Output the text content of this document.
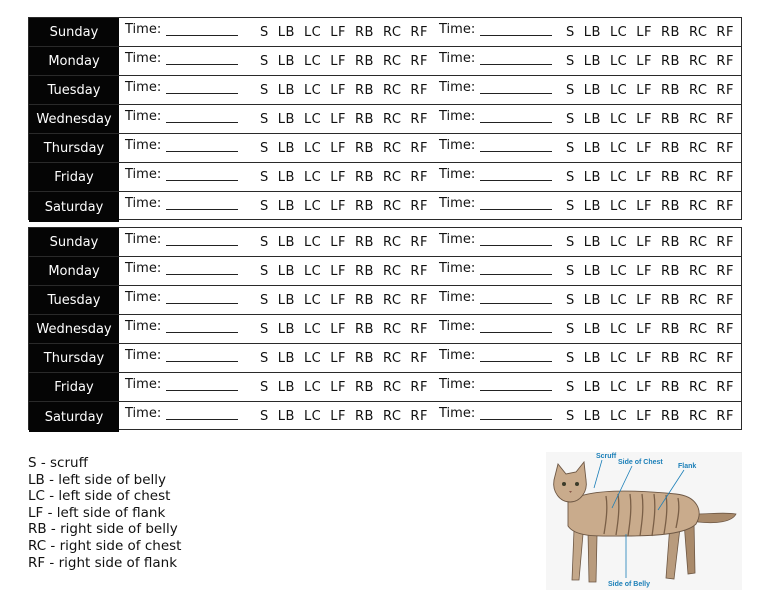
Sunday	Time:	S LB LC LF RB RC RF Time:	S LB LC LF RB RC RF
Monday	Time:	S LB LC LF RB RC RF Time:	S LB LC LF RB RC RF
Tuesday	Time:	S LB LC LF RB RC RF Time:	S LB LC LF RB RC RF
Wednesday	Time:	S LB LC LF RB RC RF Time:	S LB LC LF RB RC RF
Thursday	Time:	S LB LC LF RB RC RF Time:	S LB LC LF RB RC RF
Friday	Time:	S LB LC LF RB RC RF Time:	S LB LC LF RB RC RF
Saturday	Time:	S LB LC LF RB RC RF Time:	S LB LC LF RB RC RF
Sunday	Time:	S LB LC LF RB RC RF Time:	S LB LC LF RB RC RF
Monday	Time:	S LB LC LF RB RC RF Time:	S LB LC LF RB RC RF
Tuesday	Time:	S LB LC LF RB RC RF Time:	S LB LC LF RB RC RF
Wednesday	Time:	S LB LC LF RB RC RF Time:	S LB LC LF RB RC RF
Thursday	Time:	S LB LC LF RB RC RF Time:	S LB LC LF RB RC RF
Friday	Time:	S LB LC LF RB RC RF Time:	S LB LC LF RB RC RF
Saturday	Time:	S LB LC LF RB RC RF Time:	S LB LC LF RB RC RF
S - scruff
LB - left side of belly
LC - left side of chest
LF - left side of flank
RB - right side of belly
RC - right side of chest
RF - right side of flank
Scruff
Side of Chest
Flank
Side of Belly
